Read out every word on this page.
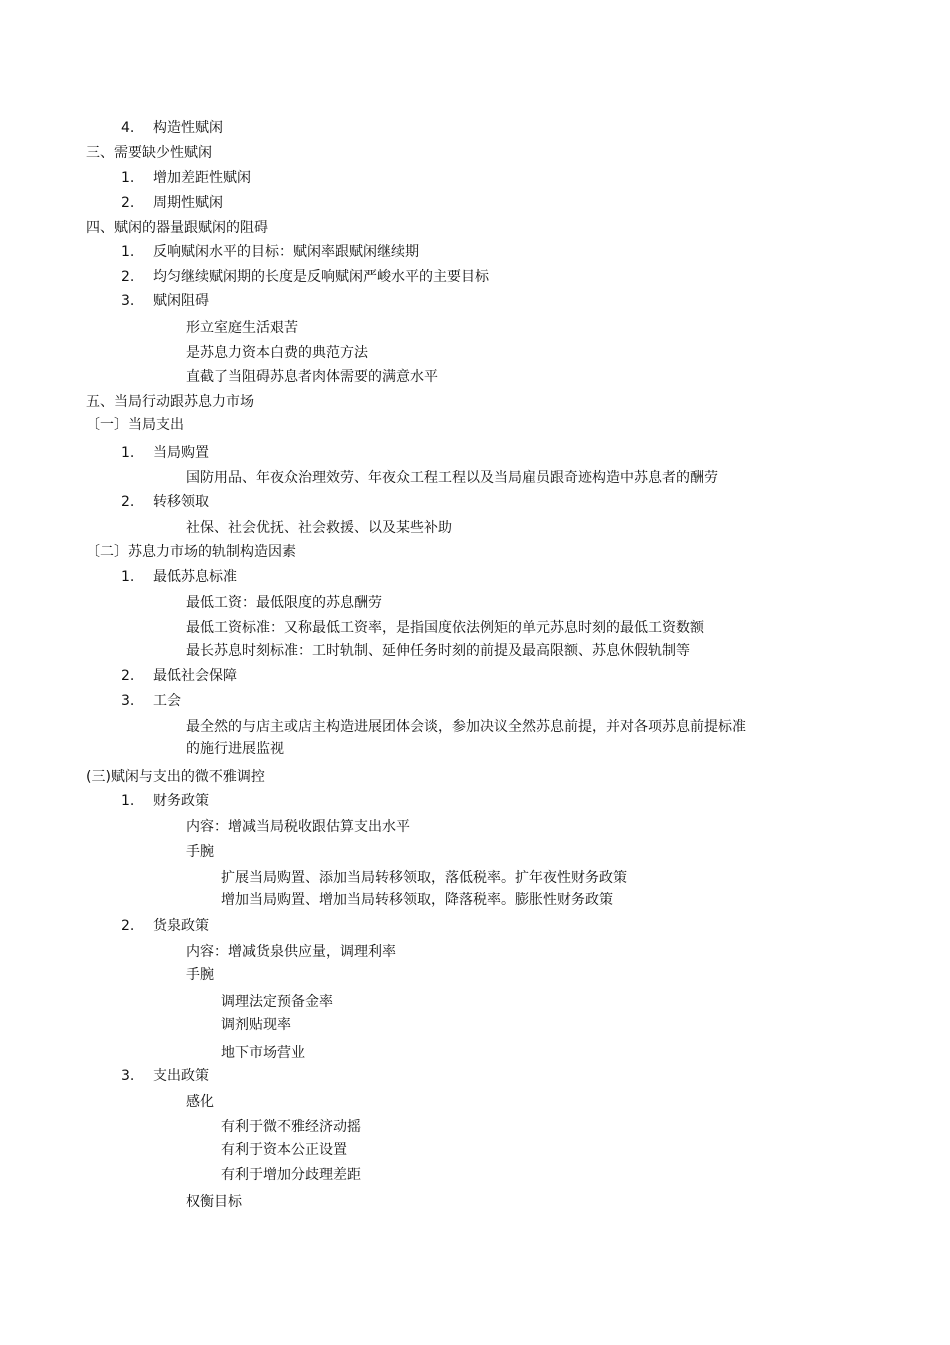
4.	构造性赋闲
三、需要缺少性赋闲
1.	增加差距性赋闲
2.	周期性赋闲
四、赋闲的器量跟赋闲的阻碍
1.	反响赋闲水平的目标：赋闲率跟赋闲继续期
2.	均匀继续赋闲期的长度是反响赋闲严峻水平的主要目标
3.	赋闲阻碍
形立室庭生活艰苦
是苏息力资本白费的典范方法
直截了当阻碍苏息者肉体需要的满意水平
五、当局行动跟苏息力市场
〔一〕当局支出
1.	当局购置
国防用品、年夜众治理效劳、年夜众工程工程以及当局雇员跟奇迹构造中苏息者的酬劳
2.	转移领取
社保、社会优抚、社会救援、以及某些补助
〔二〕苏息力市场的轨制构造因素
1.	最低苏息标准
最低工资：最低限度的苏息酬劳
最低工资标准：又称最低工资率，是指国度依法例矩的单元苏息时刻的最低工资数额
最长苏息时刻标准：工时轨制、延伸任务时刻的前提及最高限额、苏息休假轨制等
2.	最低社会保障
3.	工会
最全然的与店主或店主构造进展团体会谈，参加决议全然苏息前提，并对各项苏息前提标准
的施行进展监视
(三)赋闲与支出的微不雅调控
1.	财务政策
内容：增减当局税收跟估算支出水平
手腕
扩展当局购置、添加当局转移领取，落低税率。扩年夜性财务政策
增加当局购置、增加当局转移领取，降落税率。膨胀性财务政策
2.	货泉政策
内容：增减货泉供应量，调理利率
手腕
调理法定预备金率
调剂贴现率
地下市场营业
3.	支出政策
感化
有利于微不雅经济动摇
有利于资本公正设置
有利于增加分歧理差距
权衡目标
